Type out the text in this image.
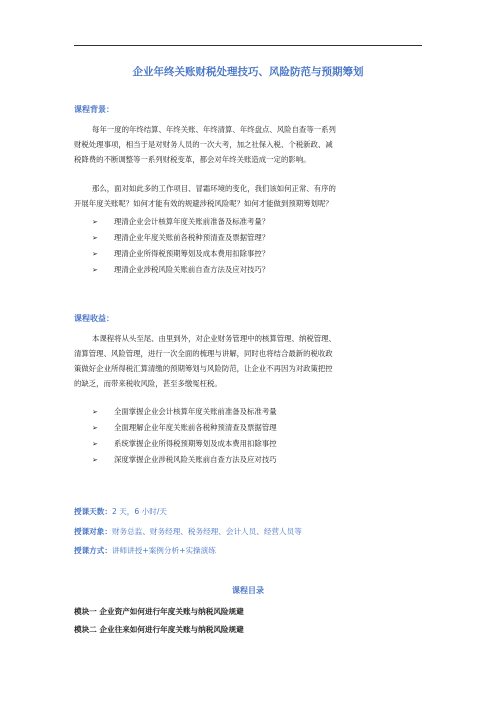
企业年终关账财税处理技巧、风险防范与预期筹划
课程背景：
每年一度的年终结算、年终关账、年终清算、年终盘点、风险自查等一系列
财税处理事项，相当于是对财务人员的一次大考，加之社保入税、个税新政、减
税降费的不断调整等一系列财税变革，都会对年终关账造成一定的影响。
那么，面对如此多的工作项目、冒霜环境的变化，我们该如何正常、有序的
开展年度关账呢？如何才能有效的规避涉税风险呢？如何才能做到预期筹划呢？
➢ 理清企业会计核算年度关账前准备及标准考量？
➢ 理清企业年度关账前各税种预清查及票据管理？
➢ 理清企业所得税预期筹划及成本费用扣除事控？
➢ 理清企业涉税风险关账前自查方法及应对技巧？
课程收益：
本课程将从头至尾、由里到外，对企业财务管理中的核算管理、纳税管理、
清算管理、风险管理，进行一次全面的梳理与讲解，同时也将结合最新的税收政
策做好企业所得税汇算清缴的预期筹划与风险防范，让企业不再因为对政策把控
的缺乏，而带来税收风险，甚至多缴冤枉税。
➢ 全面掌握企业会计核算年度关账前准备及标准考量
➢ 全面理解企业年度关账前各税种预清查及票据管理
➢ 系统掌握企业所得税预期筹划及成本费用扣除事控
➢ 深度掌握企业涉税风险关账前自查方法及应对技巧
授课天数：2 天，6 小时/天
授课对象：财务总监、财务经理、税务经理、会计人员、经营人员等
授课方式：讲师讲授+案例分析+实操演练
课程目录
模块一 企业资产如何进行年度关账与纳税风险规避
模块二 企业往来如何进行年度关账与纳税风险规避
